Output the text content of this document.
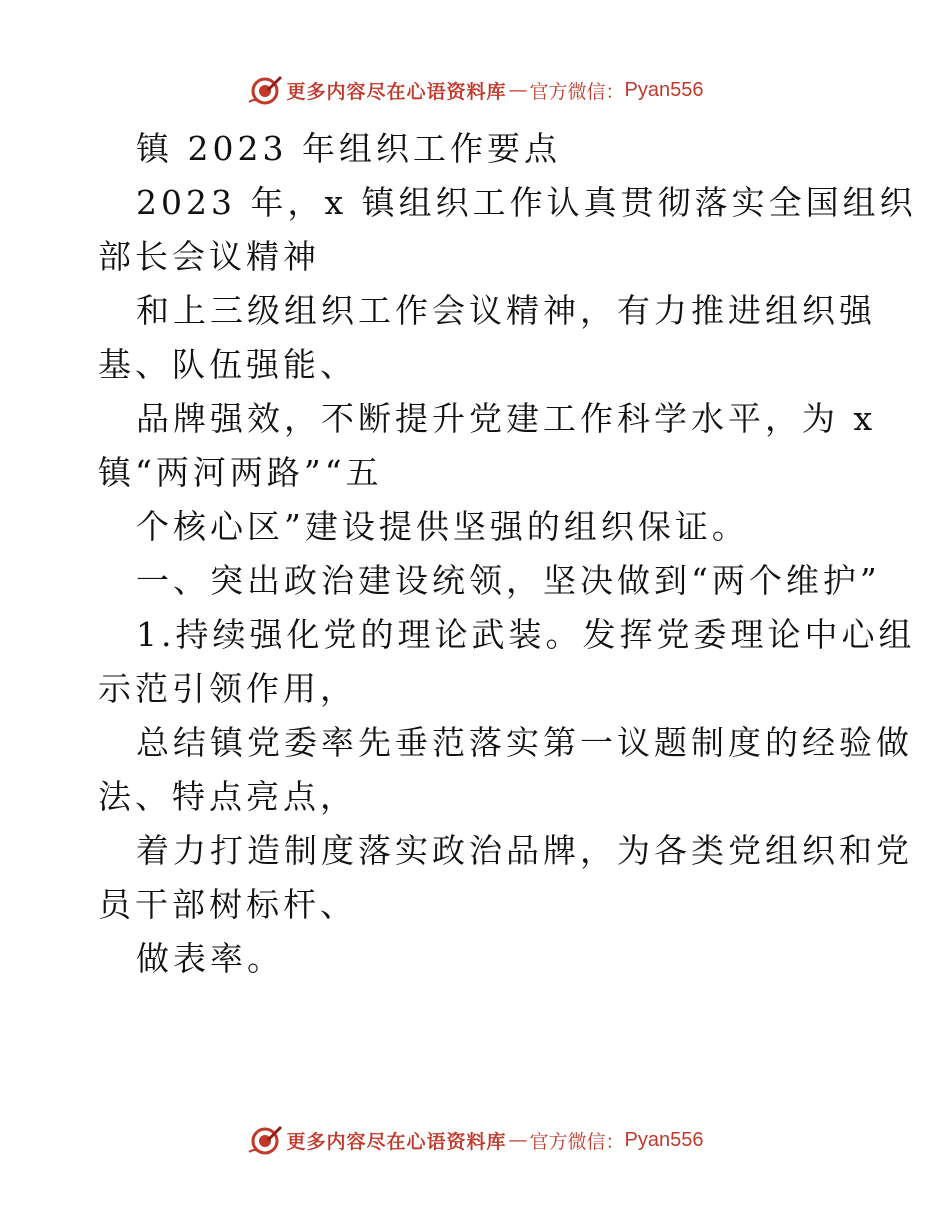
更多内容尽在心语资料库 — 官方微信： Pyan556
镇 2023 年组织工作要点
2023 年，x 镇组织工作认真贯彻落实全国组织
部长会议精神
和上三级组织工作会议精神，有力推进组织强
基、队伍强能、
品牌强效，不断提升党建工作科学水平，为 x
镇“两河两路”“五
个核心区”建设提供坚强的组织保证。
一、突出政治建设统领，坚决做到“两个维护”
1.持续强化党的理论武装。发挥党委理论中心组
示范引领作用，
总结镇党委率先垂范落实第一议题制度的经验做
法、特点亮点，
着力打造制度落实政治品牌，为各类党组织和党
员干部树标杆、
做表率。
更多内容尽在心语资料库 — 官方微信： Pyan556
